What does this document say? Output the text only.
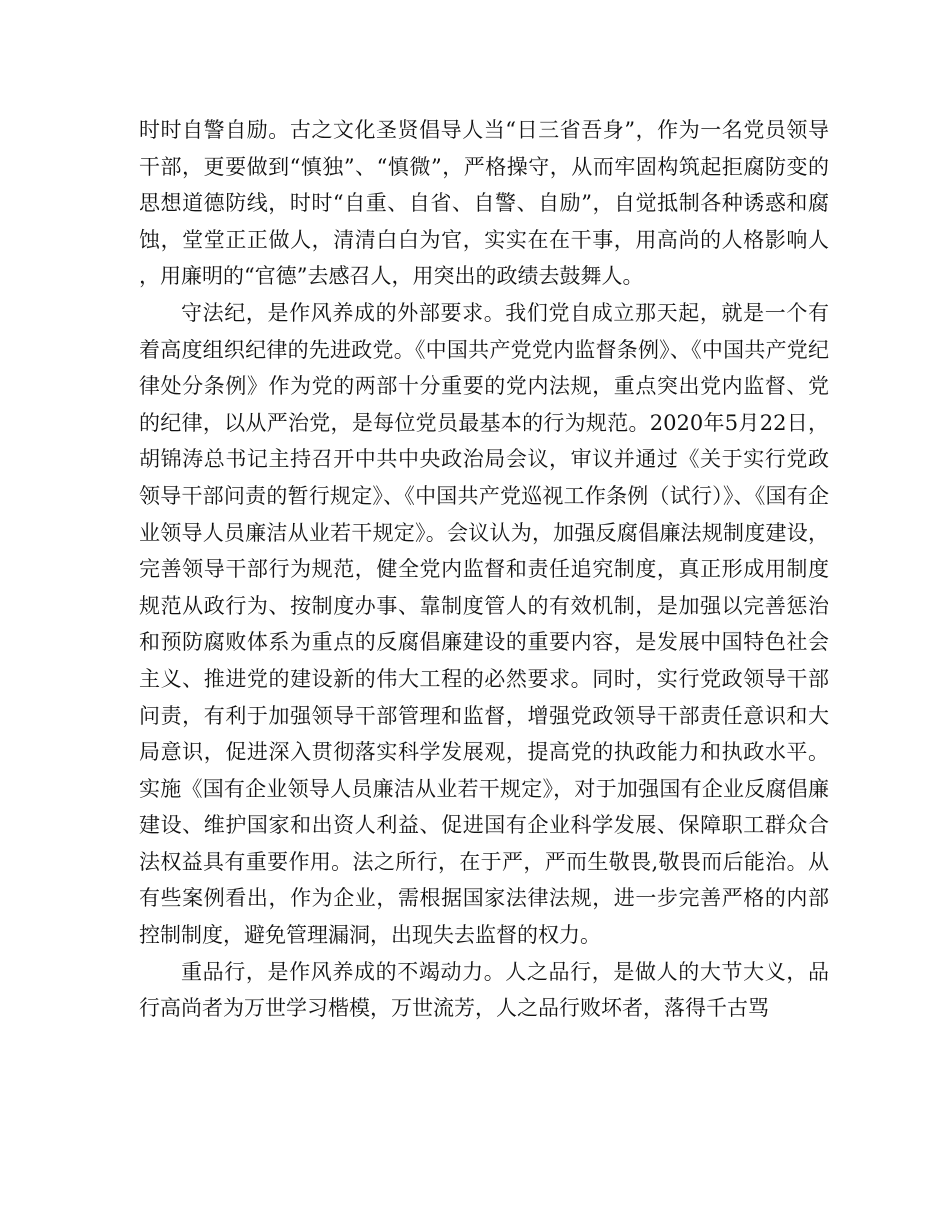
时时自警自励。古之文化圣贤倡导人当“日三省吾身”，作为一名党员领导干部，更要做到“慎独”、“慎微”，严格操守，从而牢固构筑起拒腐防变的思想道德防线，时时“自重、自省、自警、自励”，自觉抵制各种诱惑和腐蚀，堂堂正正做人，清清白白为官，实实在在干事，用高尚的人格影响人，用廉明的“官德”去感召人，用突出的政绩去鼓舞人。

守法纪，是作风养成的外部要求。我们党自成立那天起，就是一个有着高度组织纪律的先进政党。《中国共产党党内监督条例》、《中国共产党纪律处分条例》作为党的两部十分重要的党内法规，重点突出党内监督、党的纪律，以从严治党，是每位党员最基本的行为规范。2020年5月22日，胡锦涛总书记主持召开中共中央政治局会议，审议并通过《关于实行党政领导干部问责的暂行规定》、《中国共产党巡视工作条例（试行）》、《国有企业领导人员廉洁从业若干规定》。会议认为，加强反腐倡廉法规制度建设，完善领导干部行为规范，健全党内监督和责任追究制度，真正形成用制度规范从政行为、按制度办事、靠制度管人的有效机制，是加强以完善惩治和预防腐败体系为重点的反腐倡廉建设的重要内容，是发展中国特色社会主义、推进党的建设新的伟大工程的必然要求。同时，实行党政领导干部问责，有利于加强领导干部管理和监督，增强党政领导干部责任意识和大局意识，促进深入贯彻落实科学发展观，提高党的执政能力和执政水平。实施《国有企业领导人员廉洁从业若干规定》，对于加强国有企业反腐倡廉建设、维护国家和出资人利益、促进国有企业科学发展、保障职工群众合法权益具有重要作用。法之所行，在于严，严而生敬畏,敬畏而后能治。从有些案例看出，作为企业，需根据国家法律法规，进一步完善严格的内部控制制度，避免管理漏洞，出现失去监督的权力。

重品行，是作风养成的不竭动力。人之品行，是做人的大节大义，品行高尚者为万世学习楷模，万世流芳，人之品行败坏者，落得千古骂
